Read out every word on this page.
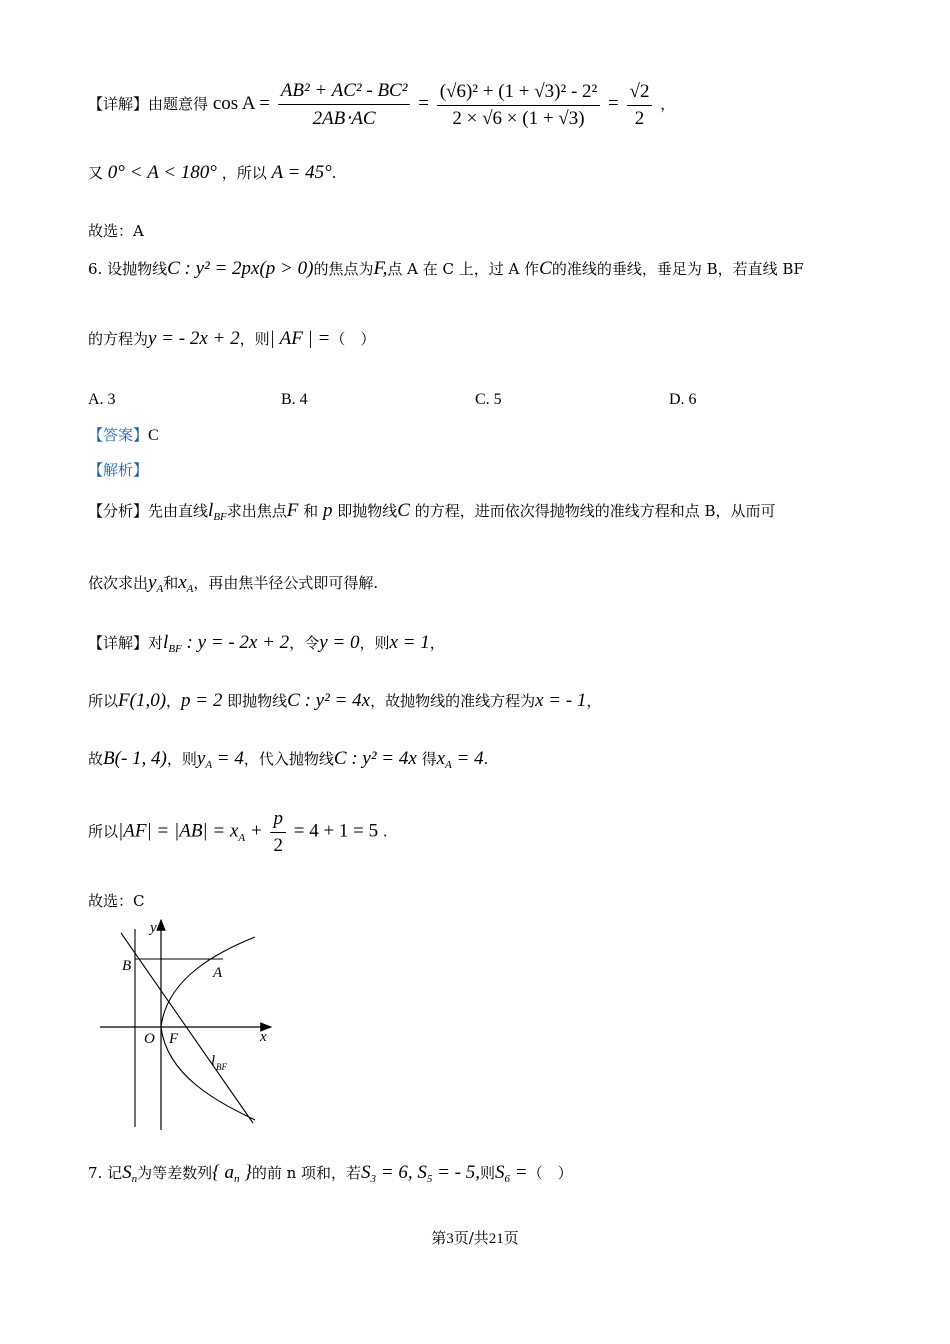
【详解】由题意得 $\cos A = \frac{\text{AB² + AC² - BC²}}{2AB\cdot AC} = \frac{\text{(√6)² + (1 + √3)² - 2²}}{2 \times √6 \times (1 + √3)} = \frac{√2}{2}$ ，
又 0° < A < 180° ，所以 A = 45°.
故选：A
6. 设抛物线C : y² = 2px(p > 0)的焦点为F,点 A 在 C 上，过 A 作C的准线的垂线，垂足为 B，若直线 BF
的方程为y = - 2x + 2，则| AF | =（　）
A. 3	B. 4	C. 5	D. 6
【答案】C
【解析】
【分析】先由直线$l_{BF}$求出焦点F 和 p 即抛物线C 的方程，进而依次得抛物线的准线方程和点 B，从而可
依次求出$y_A$和$x_A$，再由焦半径公式即可得解.
【详解】对$l_{BF}$ : y = - 2x + 2，令y = 0，则x = 1，
所以F(1,0)，p = 2 即抛物线C : y² = 4x，故抛物线的准线方程为x = - 1，
故B(- 1, 4)，则$y_A = 4$，代入抛物线C : y² = 4x 得$x_A = 4$.
所以$|AF| = |AB| = x_A + \frac{p}{2} = 4 + 1 = 5$ .
故选：C
y
x
B	A
O F
l BF
7. 记$S_n$为等差数列{ $a_n$ }的前 n 项和，若$S_3 = 6$, $S_5$ = - 5,则$S_6$ =（　）
第3页/共21页
